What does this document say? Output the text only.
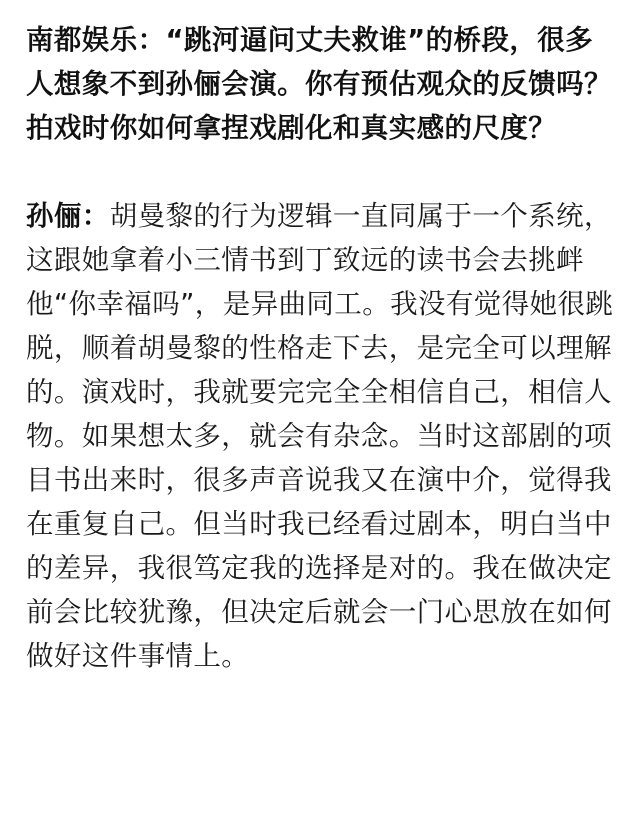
南都娱乐：“跳河逼问丈夫救谁”的桥段，很多人想象不到孙俪会演。你有预估观众的反馈吗？拍戏时你如何拿捏戏剧化和真实感的尺度？

孙俪：胡曼黎的行为逻辑一直同属于一个系统，这跟她拿着小三情书到丁致远的读书会去挑衅他“你幸福吗”，是异曲同工。我没有觉得她很跳脱，顺着胡曼黎的性格走下去，是完全可以理解的。演戏时，我就要完完全全相信自己，相信人物。如果想太多，就会有杂念。当时这部剧的项目书出来时，很多声音说我又在演中介，觉得我在重复自己。但当时我已经看过剧本，明白当中的差异，我很笃定我的选择是对的。我在做决定前会比较犹豫，但决定后就会一门心思放在如何做好这件事情上。
